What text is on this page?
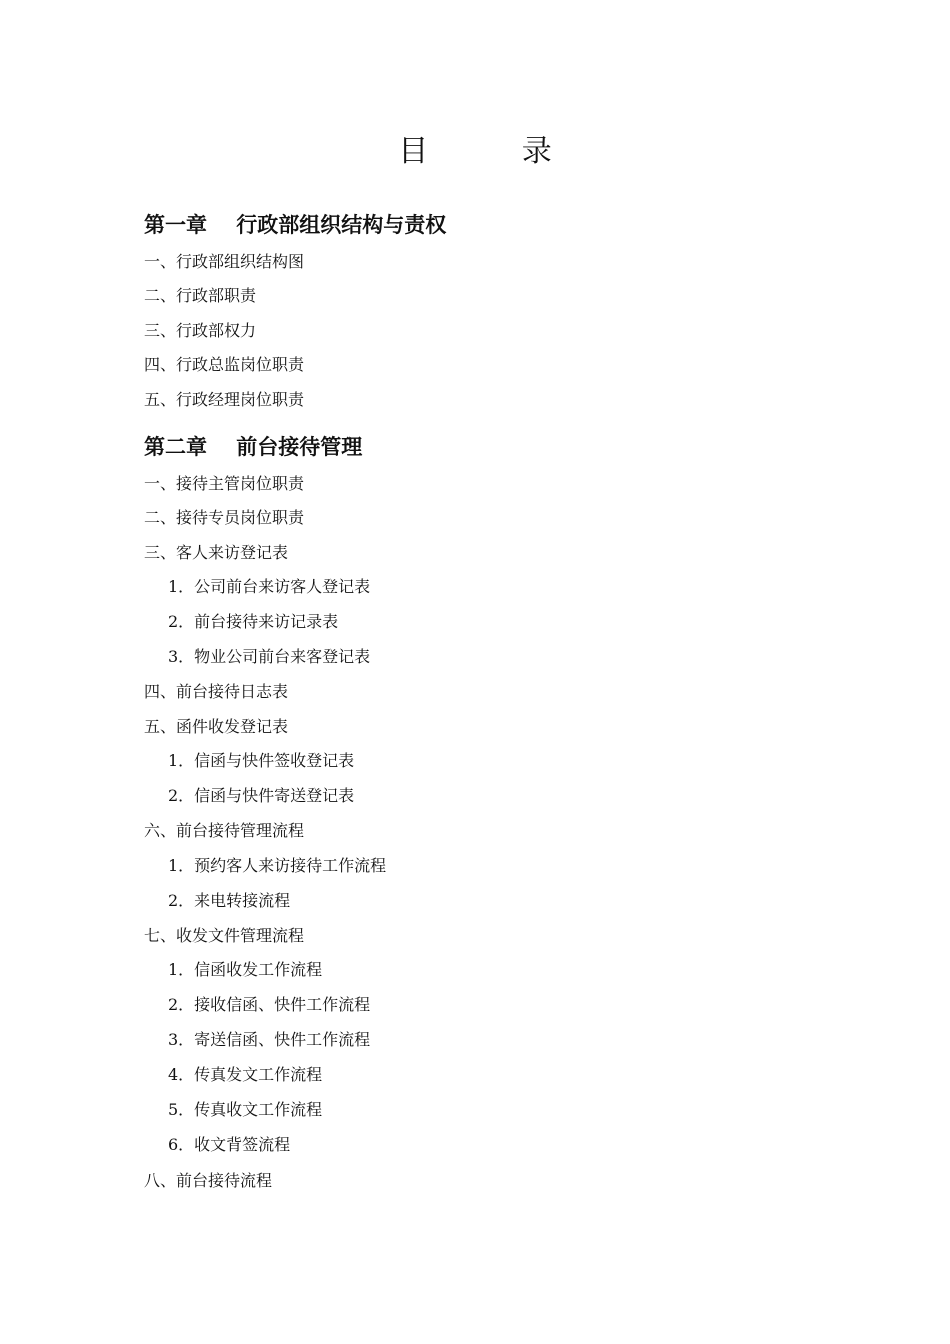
目 录
第一章    行政部组织结构与责权
一、行政部组织结构图
二、行政部职责
三、行政部权力
四、行政总监岗位职责
五、行政经理岗位职责
第二章    前台接待管理
一、接待主管岗位职责
二、接待专员岗位职责
三、客人来访登记表
1．公司前台来访客人登记表
2．前台接待来访记录表
3．物业公司前台来客登记表
四、前台接待日志表
五、函件收发登记表
1．信函与快件签收登记表
2．信函与快件寄送登记表
六、前台接待管理流程
1．预约客人来访接待工作流程
2．来电转接流程
七、收发文件管理流程
1．信函收发工作流程
2．接收信函、快件工作流程
3．寄送信函、快件工作流程
4．传真发文工作流程
5．传真收文工作流程
6．收文背签流程
八、前台接待流程
